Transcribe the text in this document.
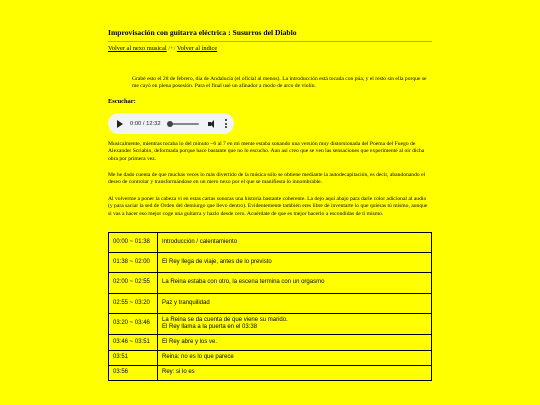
Improvisación con guitarra eléctrica : Susurros del Diablo
Volver al nexo musical /+/ Volver al índice
Grabé esto el 28 de febrero, día de Andalucía (el oficial al menos). La introducción está tocada con púa, y el resto sin ella porque se me cayó en plena posesión. Para el final usé un afinador a modo de arco de violín.
Escuchar:
0:00 / 12:32
Musicalmente, mientras tocaba lo del minuto ~6 al 7 en mi mente estaba sonando una versión muy distorsionada del Poema del Fuego de Alexander Scriabin, deformada porque hace bastante que no lo escucho. Aun así creo que se ven las sensaciones que experimenté al oír dicha obra por primera vez.
Me he dado cuenta de que muchas veces lo más divertido de la música sólo se obtiene mediante la autodecapitación, es decir, abandonando el deseo de controlar y transformándose en un mero nexo por el que se manifiesta lo innombrable.
Al volverme a poner la cabeza vi en estas cartas sonoras una historia bastante coherente. La dejo aquí abajo para darle color adicional al audio (y para saciar la sed de Orden del demiurgo que llevo dentro). Evidentemente también eres libre de inventarte lo que quieras tú mismo, aunque si vas a hacer eso mejor coge una guitarra y hazlo desde cero. Acuérdate de que es mejor hacerlo a escondidas de ti mismo.
00:00 ~ 01:38	Introducción / calentamiento
01:38 ~ 02:00	El Rey llega de viaje, antes de lo previsto
02:00 ~ 02:55	La Reina estaba con otro, la escena termina con un orgasmo
02:55 ~ 03:20	Paz y tranquilidad
03:20 ~ 03:46	La Reina se da cuenta de que viene su marido.
El Rey llama a la puerta en el 03:38
03:46 ~ 03:51	El Rey abre y los ve.
03:51	Reina: no es lo que parece
03:56	Rey: si lo es
